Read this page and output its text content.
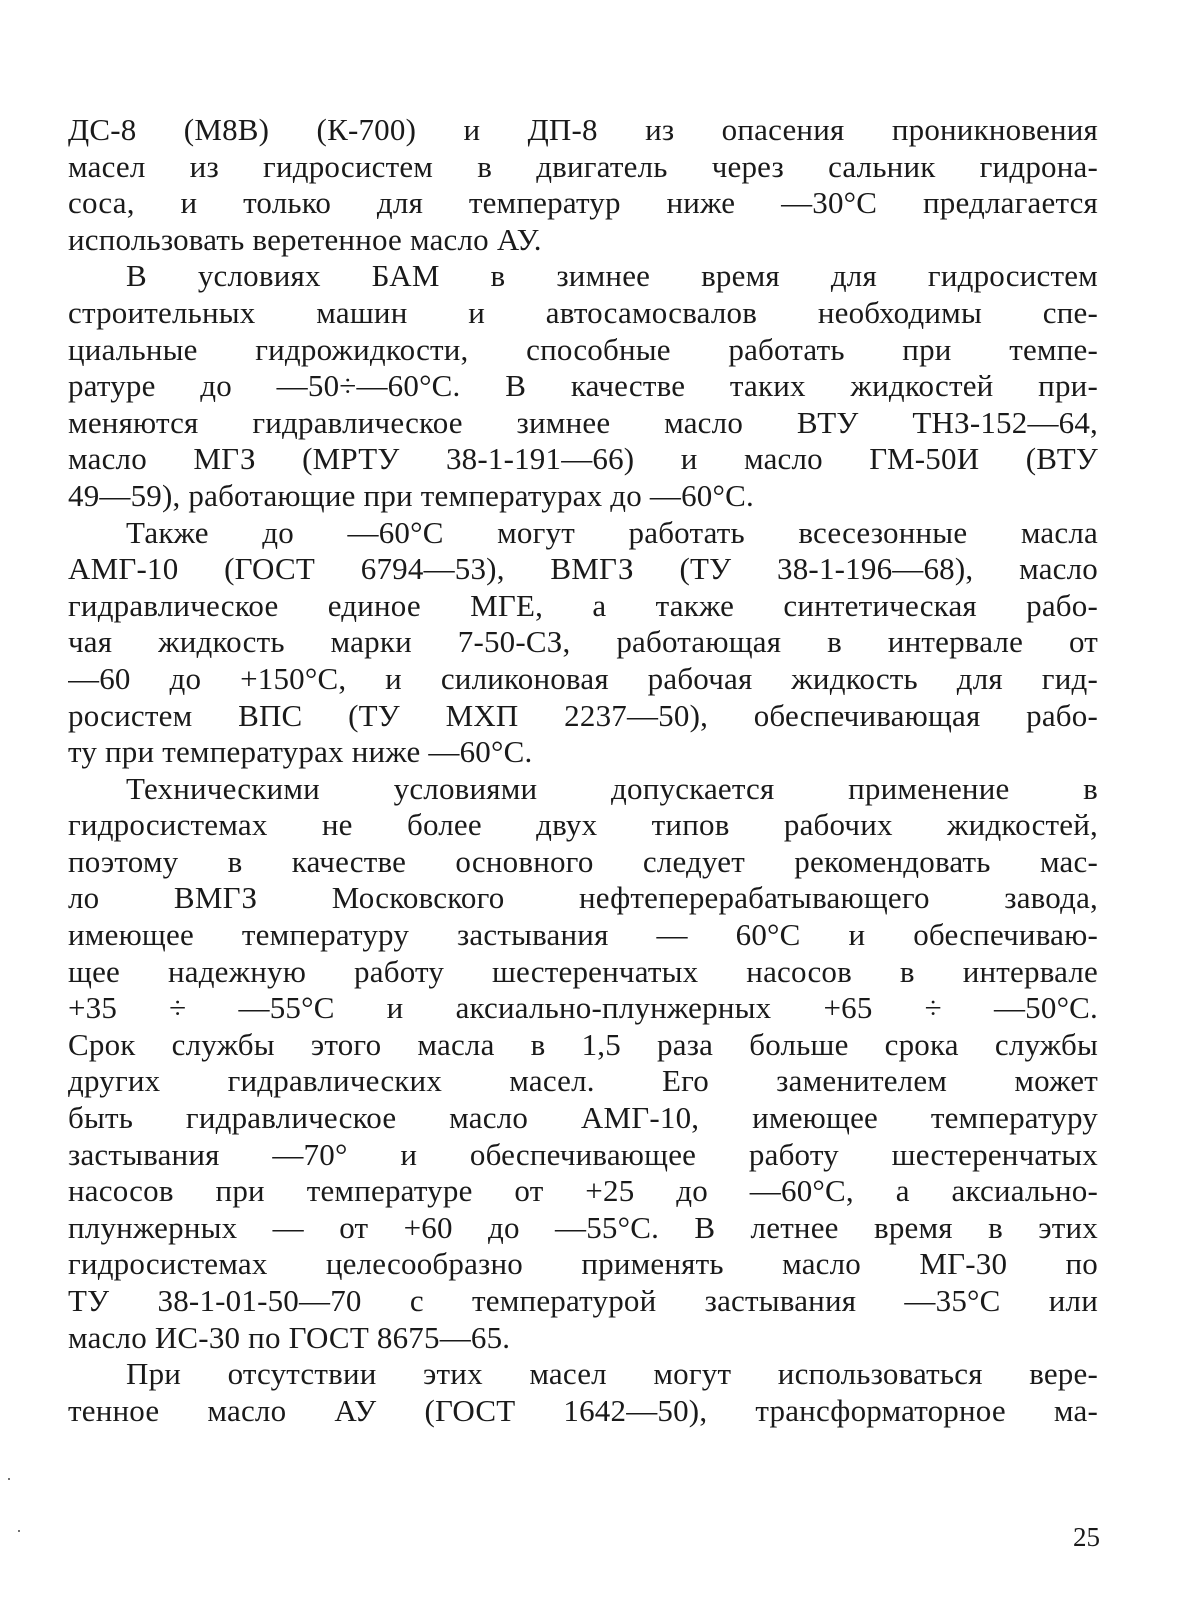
ДС-8 (М8В) (К-700) и ДП-8 из опасения проникновения
масел из гидросистем в двигатель через сальник гидрона-
соса, и только для температур ниже —30°С предлагается
использовать веретенное масло АУ.
В условиях БАМ в зимнее время для гидросистем
строительных машин и автосамосвалов необходимы спе-
циальные гидрожидкости, способные работать при темпе-
ратуре до —50÷—60°С. В качестве таких жидкостей при-
меняются гидравлическое зимнее масло ВТУ ТНЗ-152—64,
масло МГЗ (МРТУ 38-1-191—66) и масло ГМ-50И (ВТУ
49—59), работающие при температурах до —60°С.
Также до —60°С могут работать всесезонные масла
АМГ-10 (ГОСТ 6794—53), ВМГЗ (ТУ 38-1-196—68), масло
гидравлическое единое МГЕ, а также синтетическая рабо-
чая жидкость марки 7-50-СЗ, работающая в интервале от
—60 до +150°С, и силиконовая рабочая жидкость для гид-
росистем ВПС (ТУ МХП 2237—50), обеспечивающая рабо-
ту при температурах ниже —60°С.
Техническими условиями допускается применение в
гидросистемах не более двух типов рабочих жидкостей,
поэтому в качестве основного следует рекомендовать мас-
ло ВМГЗ Московского нефтеперерабатывающего завода,
имеющее температуру застывания — 60°С и обеспечиваю-
щее надежную работу шестеренчатых насосов в интервале
+35 ÷ —55°С и аксиально-плунжерных +65 ÷ —50°С.
Срок службы этого масла в 1,5 раза больше срока службы
других гидравлических масел. Его заменителем может
быть гидравлическое масло АМГ-10, имеющее температуру
застывания —70° и обеспечивающее работу шестеренчатых
насосов при температуре от +25 до —60°С, а аксиально-
плунжерных — от +60 до —55°С. В летнее время в этих
гидросистемах целесообразно применять масло МГ-30 по
ТУ 38-1-01-50—70 с температурой застывания —35°С или
масло ИС-30 по ГОСТ 8675—65.
При отсутствии этих масел могут использоваться вере-
тенное масло АУ (ГОСТ 1642—50), трансформаторное ма-
25
